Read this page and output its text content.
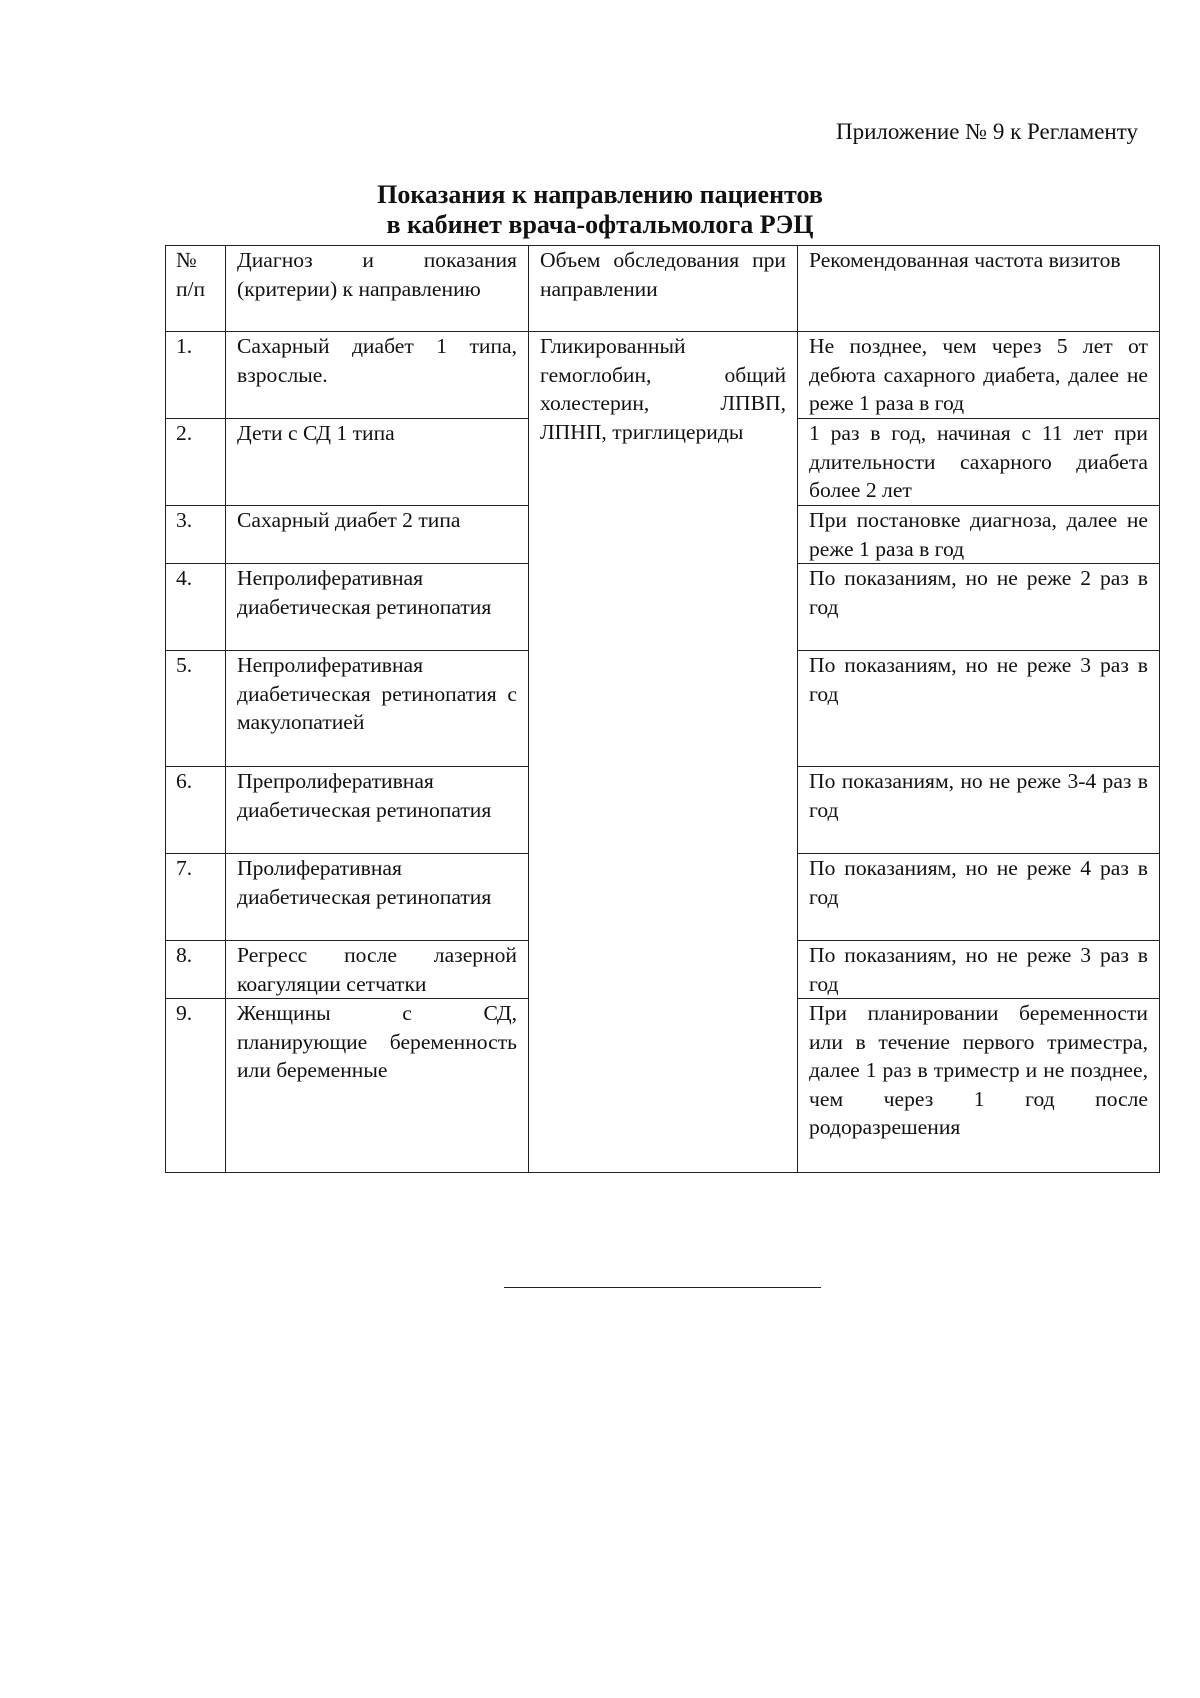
Приложение № 9 к Регламенту
Показания к направлению пациентов
в кабинет врача-офтальмолога РЭЦ
№ п/п	Диагноз и показания (критерии) к направлению	Объем обследования при направлении	Рекомендованная частота визитов
1.	Сахарный диабет 1 типа, взрослые.	Гликированный гемоглобин, общий холестерин, ЛПВП, ЛПНП, триглицериды	Не позднее, чем через 5 лет от дебюта сахарного диабета, далее не реже 1 раза в год
2.	Дети с СД 1 типа		1 раз в год, начиная с 11 лет при длительности сахарного диабета более 2 лет
3.	Сахарный диабет 2 типа		При постановке диагноза, далее не реже 1 раза в год
4.	Непролиферативная диабетическая ретинопатия		По показаниям, но не реже 2 раз в год
5.	Непролиферативная диабетическая ретинопатия с макулопатией		По показаниям, но не реже 3 раз в год
6.	Препролиферативная диабетическая ретинопатия		По показаниям, но не реже 3-4 раз в год
7.	Пролиферативная диабетическая ретинопатия		По показаниям, но не реже 4 раз в год
8.	Регресс после лазерной коагуляции сетчатки		По показаниям, но не реже 3 раз в год
9.	Женщины с СД, планирующие беременность или беременные		При планировании беременности или в течение первого триместра, далее 1 раз в триместр и не позднее, чем через 1 год после родоразрешения
